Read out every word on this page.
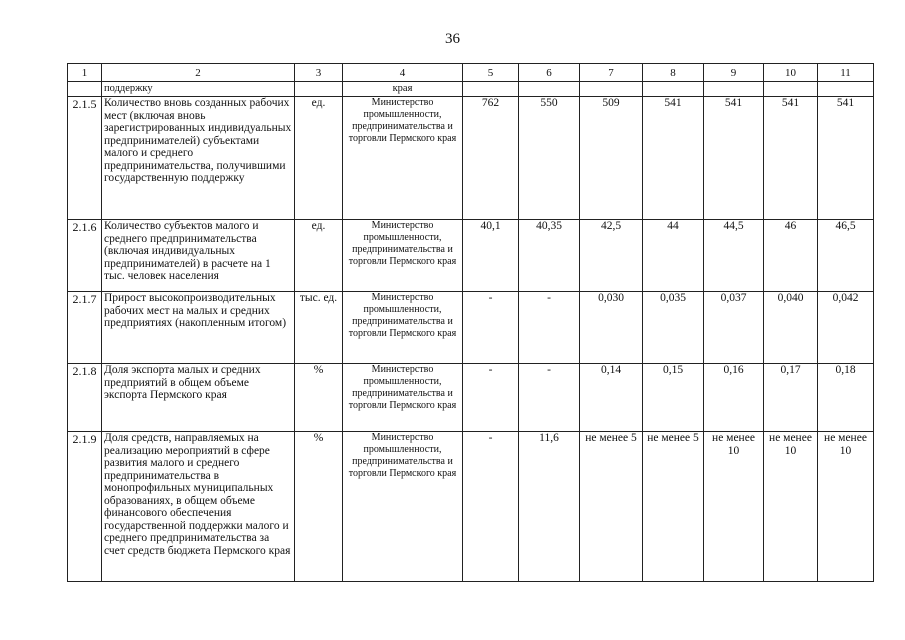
36
1	2	3	4	5	6	7	8	9	10	11
	поддержку		края							
2.1.5	Количество вновь созданных рабочих мест (включая вновь зарегистрированных индивидуальных предпринимателей) субъектами малого и среднего предпринимательства, получившими государственную поддержку	ед.	Министерство промышленности, предпринимательства и торговли Пермского края	762	550	509	541	541	541	541
2.1.6	Количество субъектов малого и среднего предпринимательства (включая индивидуальных предпринимателей) в расчете на 1 тыс. человек населения	ед.	Министерство промышленности, предпринимательства и торговли Пермского края	40,1	40,35	42,5	44	44,5	46	46,5
2.1.7	Прирост высокопроизводительных рабочих мест на малых и средних предприятиях (накопленным итогом)	тыс. ед.	Министерство промышленности, предпринимательства и торговли Пермского края	-	-	0,030	0,035	0,037	0,040	0,042
2.1.8	Доля экспорта малых и средних предприятий в общем объеме экспорта Пермского края	%	Министерство промышленности, предпринимательства и торговли Пермского края	-	-	0,14	0,15	0,16	0,17	0,18
2.1.9	Доля средств, направляемых на реализацию мероприятий в сфере развития малого и среднего предпринимательства в монопрофильных муниципальных образованиях, в общем объеме финансового обеспечения государственной поддержки малого и среднего предпринимательства за счет средств бюджета Пермского края	%	Министерство промышленности, предпринимательства и торговли Пермского края	-	11,6	не менее 5	не менее 5	не менее 10	не менее 10	не менее 10
